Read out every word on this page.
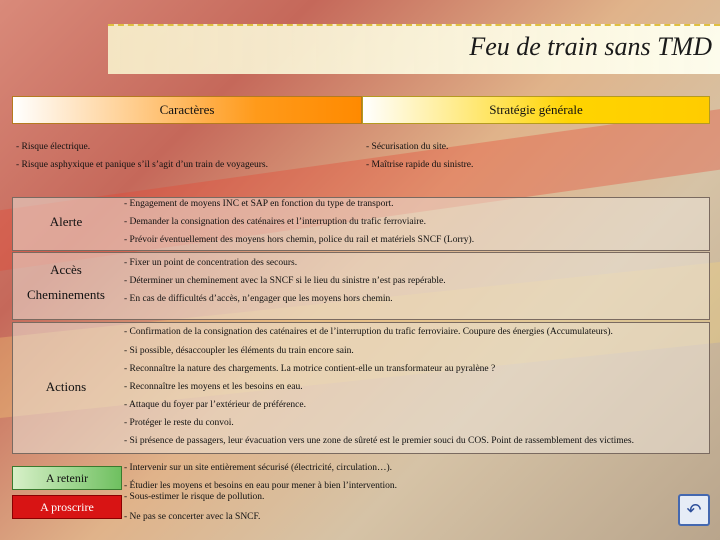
Feu de train sans TMD
Caractères	Stratégie générale
- Risque électrique.
- Risque asphyxique et panique s’il s’agit d’un train de voyageurs.
- Sécurisation du site.
- Maîtrise rapide du sinistre.
Alerte
- Engagement de moyens INC et SAP en fonction du type de transport.
- Demander la consignation des caténaires et l’interruption du trafic ferroviaire.
- Prévoir éventuellement des moyens hors chemin, police du rail et matériels SNCF (Lorry).
Accès
Cheminements
- Fixer un point de concentration des secours.
- Déterminer un cheminement avec la SNCF si le lieu du sinistre n’est pas repérable.
- En cas de difficultés d’accès, n’engager que les moyens hors chemin.
Actions
- Confirmation de la consignation des caténaires et de l’interruption du trafic ferroviaire. Coupure des énergies (Accumulateurs).
- Si possible, désaccoupler les éléments du train encore sain.
- Reconnaître la nature des chargements. La motrice contient-elle un transformateur au pyralène ?
- Reconnaître les moyens et les besoins en eau.
- Attaque du foyer par l’extérieur de préférence.
- Protéger le reste du convoi.
- Si présence de passagers, leur évacuation vers une zone de sûreté est le premier souci du COS. Point de rassemblement des victimes.
A retenir
A proscrire
- Intervenir sur un site entièrement sécurisé (électricité, circulation…).
- Étudier les moyens et besoins en eau pour mener à bien l’intervention.
- Sous-estimer le risque de pollution.
- Ne pas se concerter avec la SNCF.	↶
